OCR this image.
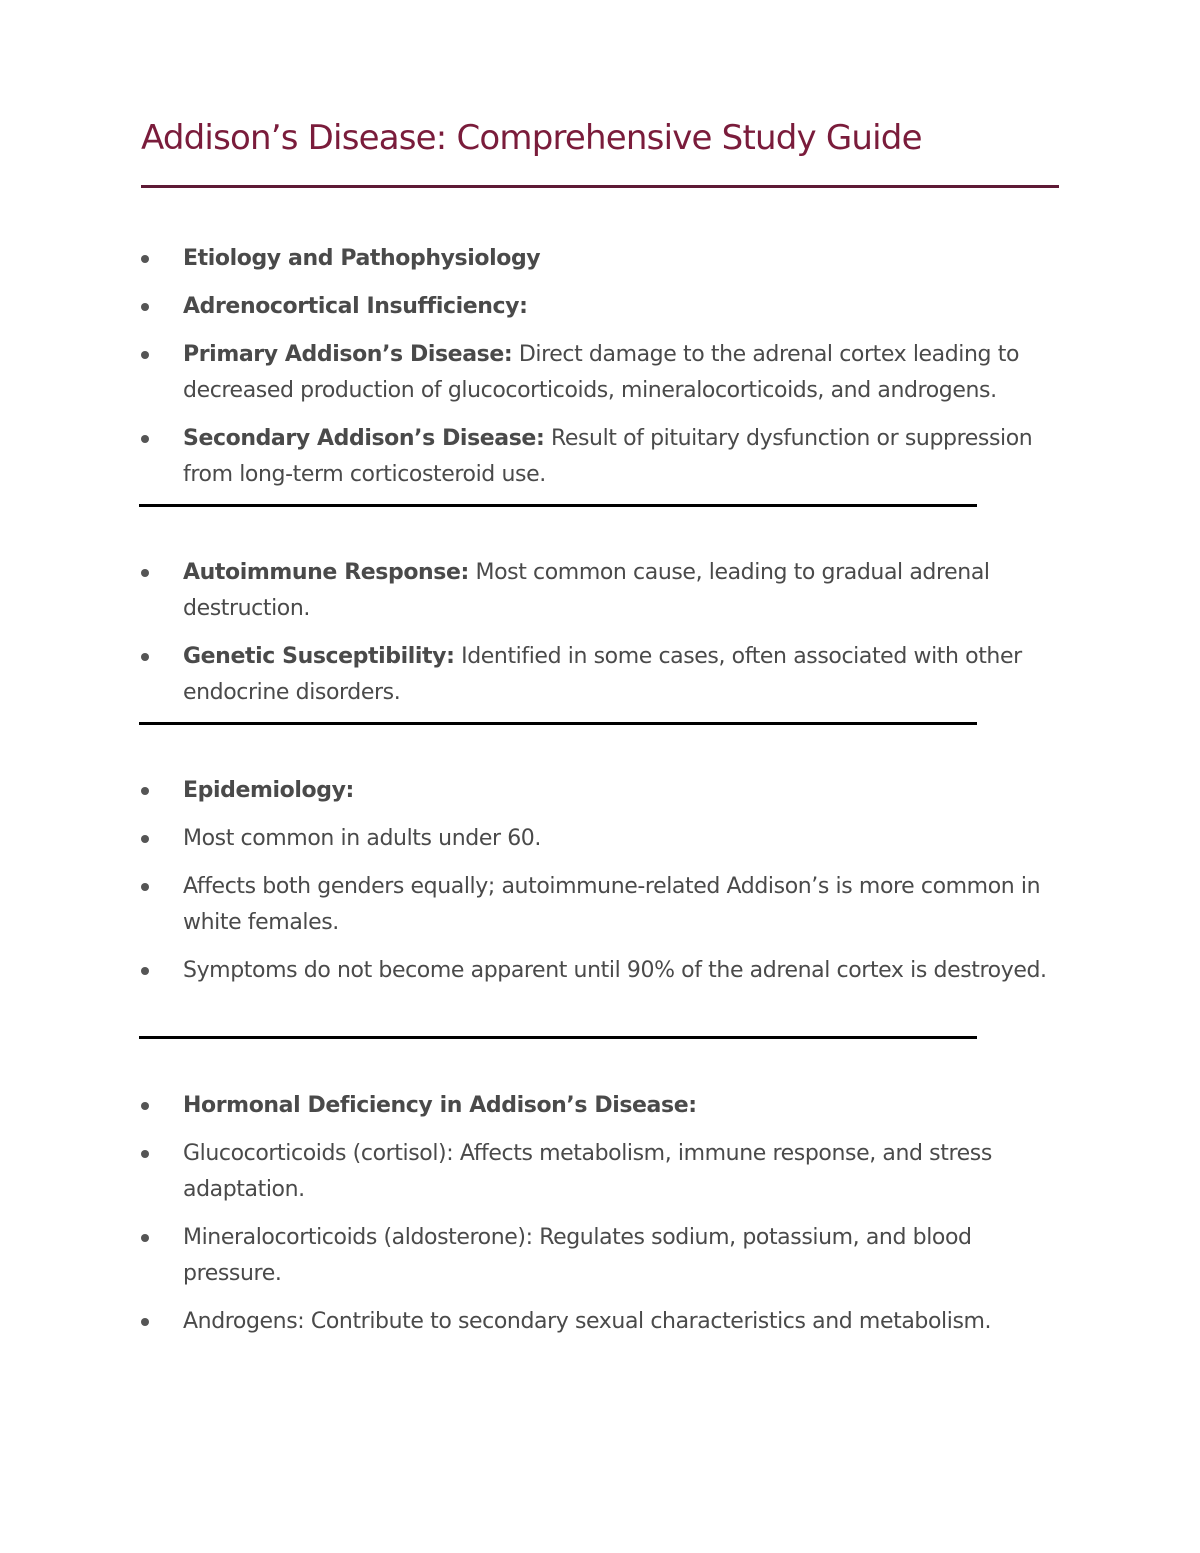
Addison’s Disease: Comprehensive Study Guide
Etiology and Pathophysiology
Adrenocortical Insufficiency:
Primary Addison’s Disease: Direct damage to the adrenal cortex leading to decreased production of glucocorticoids, mineralocorticoids, and androgens.
Secondary Addison’s Disease: Result of pituitary dysfunction or suppression from long-term corticosteroid use.
Autoimmune Response: Most common cause, leading to gradual adrenal destruction.
Genetic Susceptibility: Identified in some cases, often associated with other endocrine disorders.
Epidemiology:
Most common in adults under 60.
Affects both genders equally; autoimmune-related Addison’s is more common in white females.
Symptoms do not become apparent until 90% of the adrenal cortex is destroyed.
Hormonal Deficiency in Addison’s Disease:
Glucocorticoids (cortisol): Affects metabolism, immune response, and stress adaptation.
Mineralocorticoids (aldosterone): Regulates sodium, potassium, and blood pressure.
Androgens: Contribute to secondary sexual characteristics and metabolism.
